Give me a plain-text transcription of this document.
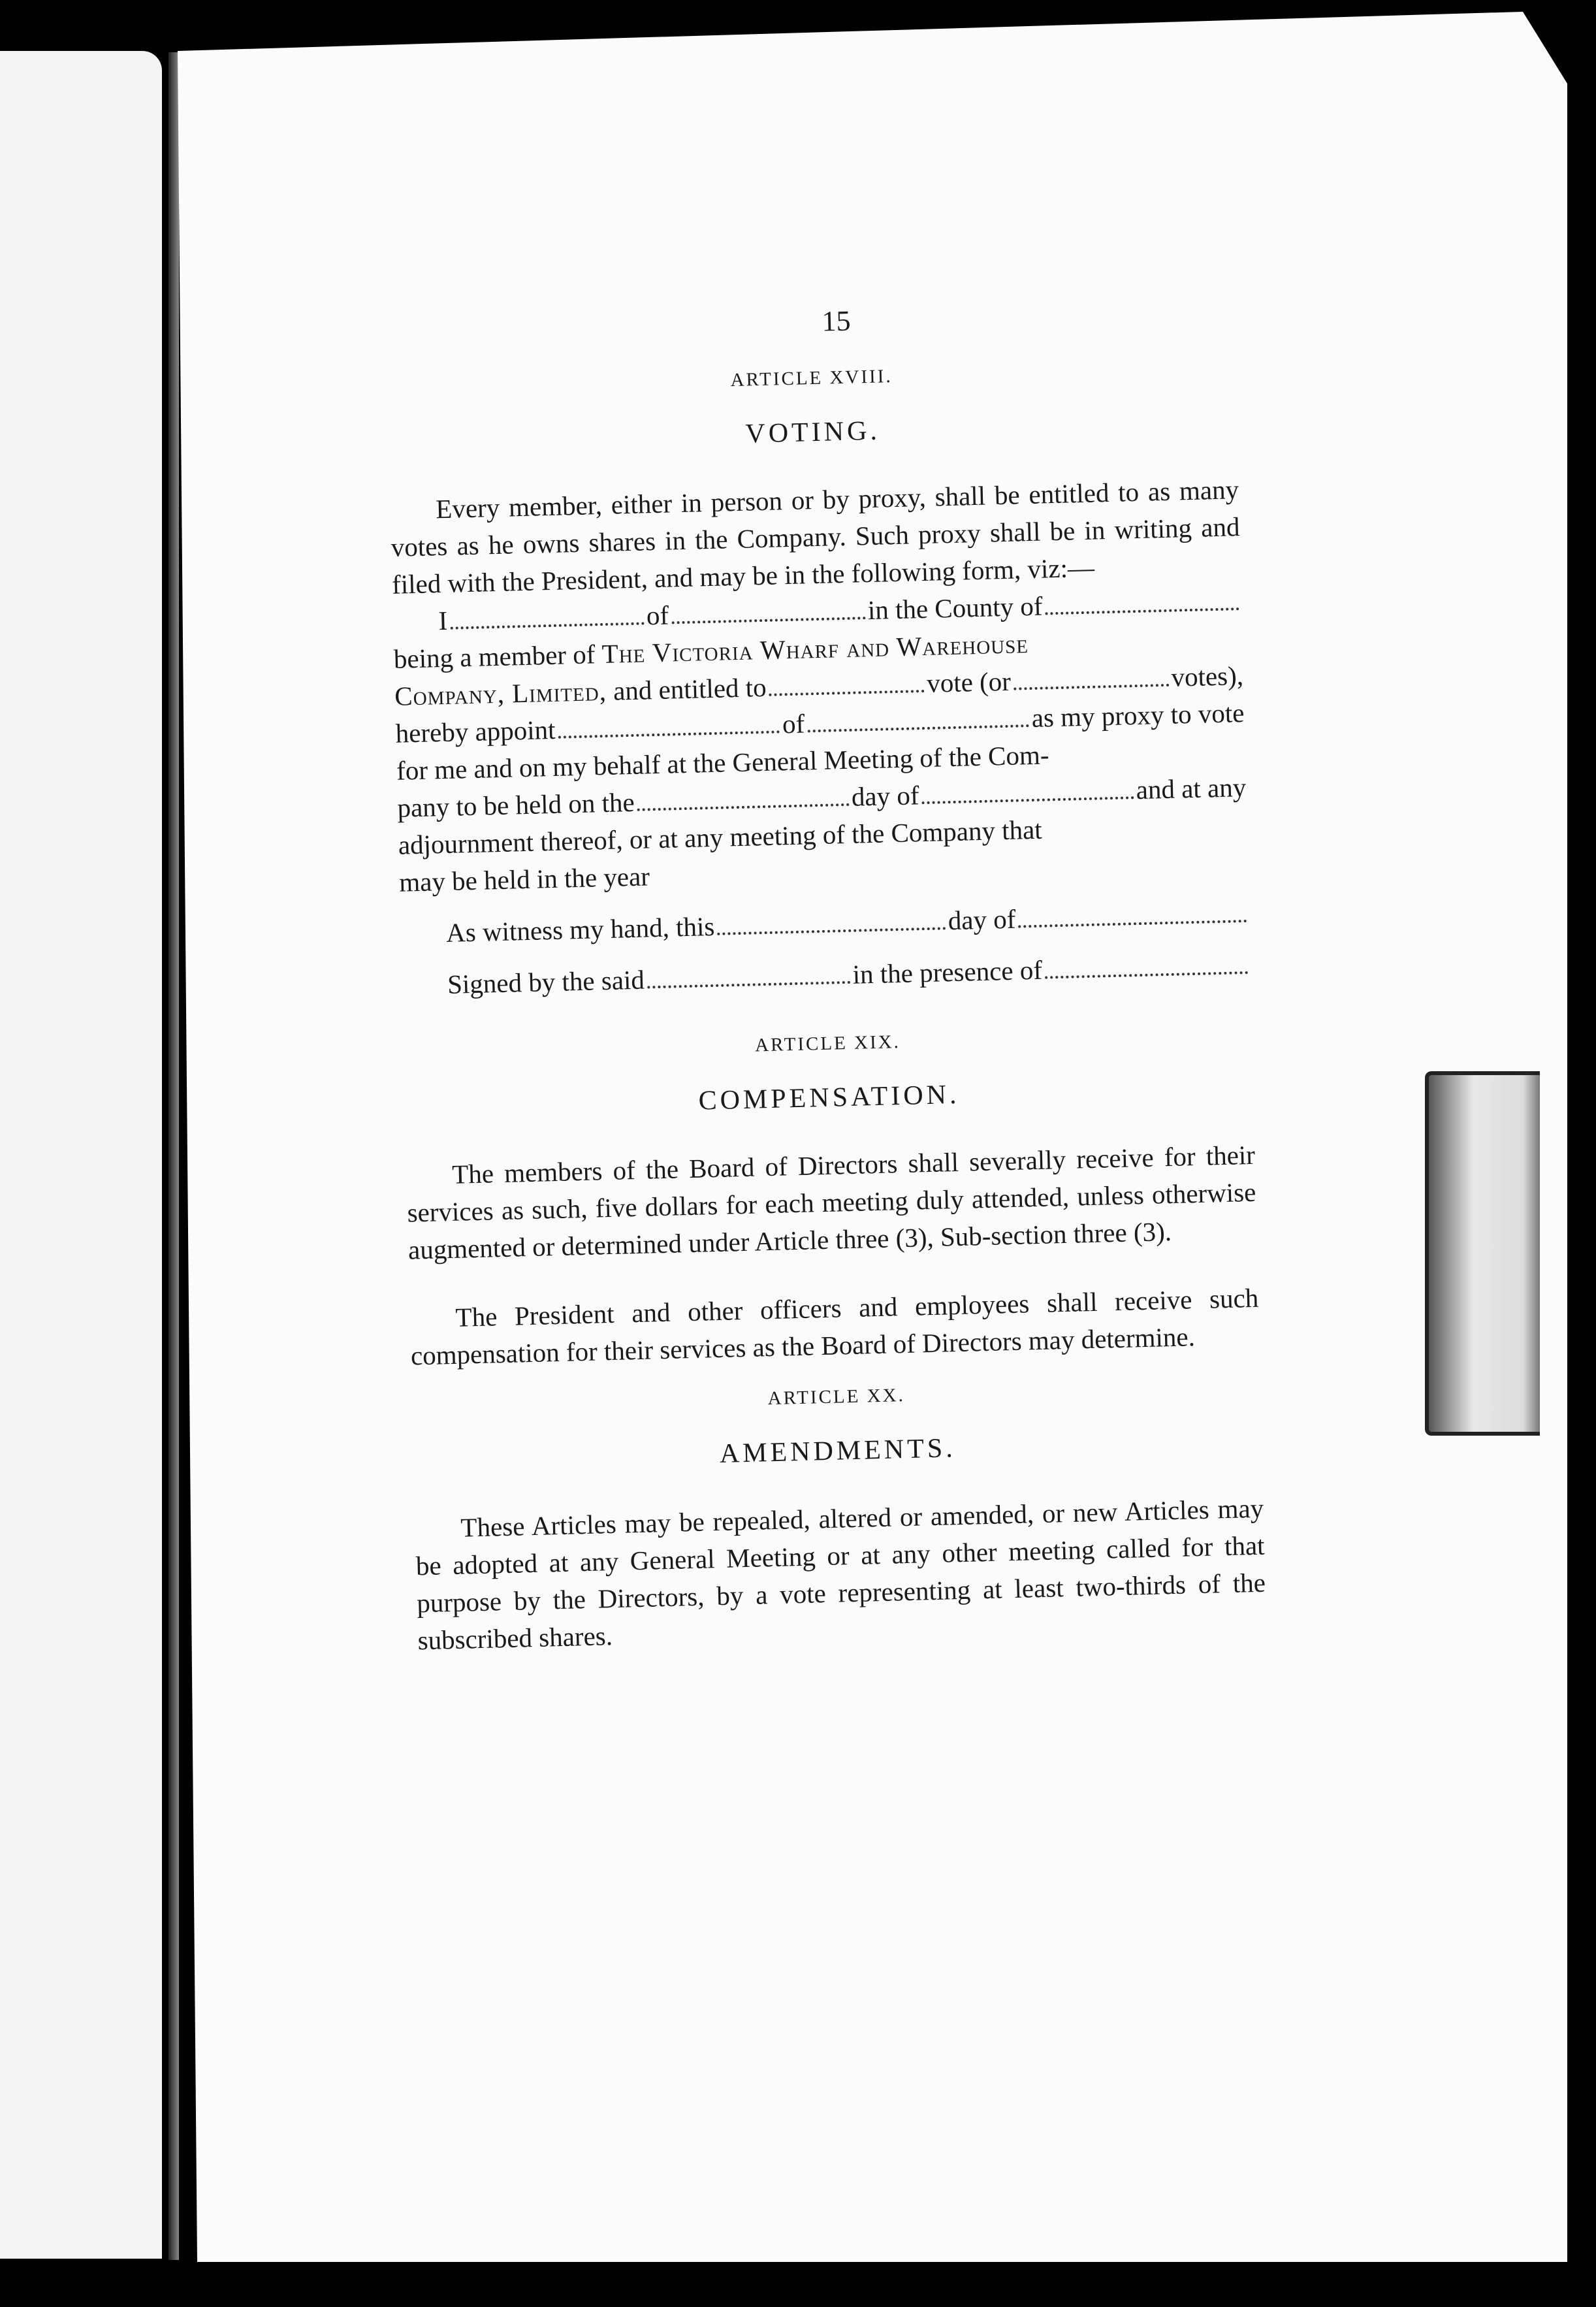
15
ARTICLE XVIII.
VOTING.

Every member, either in person or by proxy, shall be entitled to as many votes as he owns shares in the Company. Such proxy shall be in writing and filed with the President, and may be in the following form, viz:—

I	of	in the County of
being a member of
The Victoria Wharf and Warehouse
Company, Limited,
and entitled to	vote (or	votes),
hereby appoint	of	as my proxy to vote
for me and on my behalf at the General Meeting of the Com-
pany to be held on the	day of	and at any
adjournment thereof, or at any meeting of the Company that
may be held in the year
As witness my hand, this	day of
Signed by the said	in the presence of
ARTICLE XIX.
COMPENSATION.

The members of the Board of Directors shall severally receive for their services as such, five dollars for each meeting duly attended, unless otherwise augmented or determined under Article three (3), Sub-section three (3).

The President and other officers and employees shall receive such compensation for their services as the Board of Directors may determine.

ARTICLE XX.
AMENDMENTS.

These Articles may be repealed, altered or amended, or new Articles may be adopted at any General Meeting or at any other meeting called for that purpose by the Directors, by a vote representing at least two-thirds of the subscribed shares.
